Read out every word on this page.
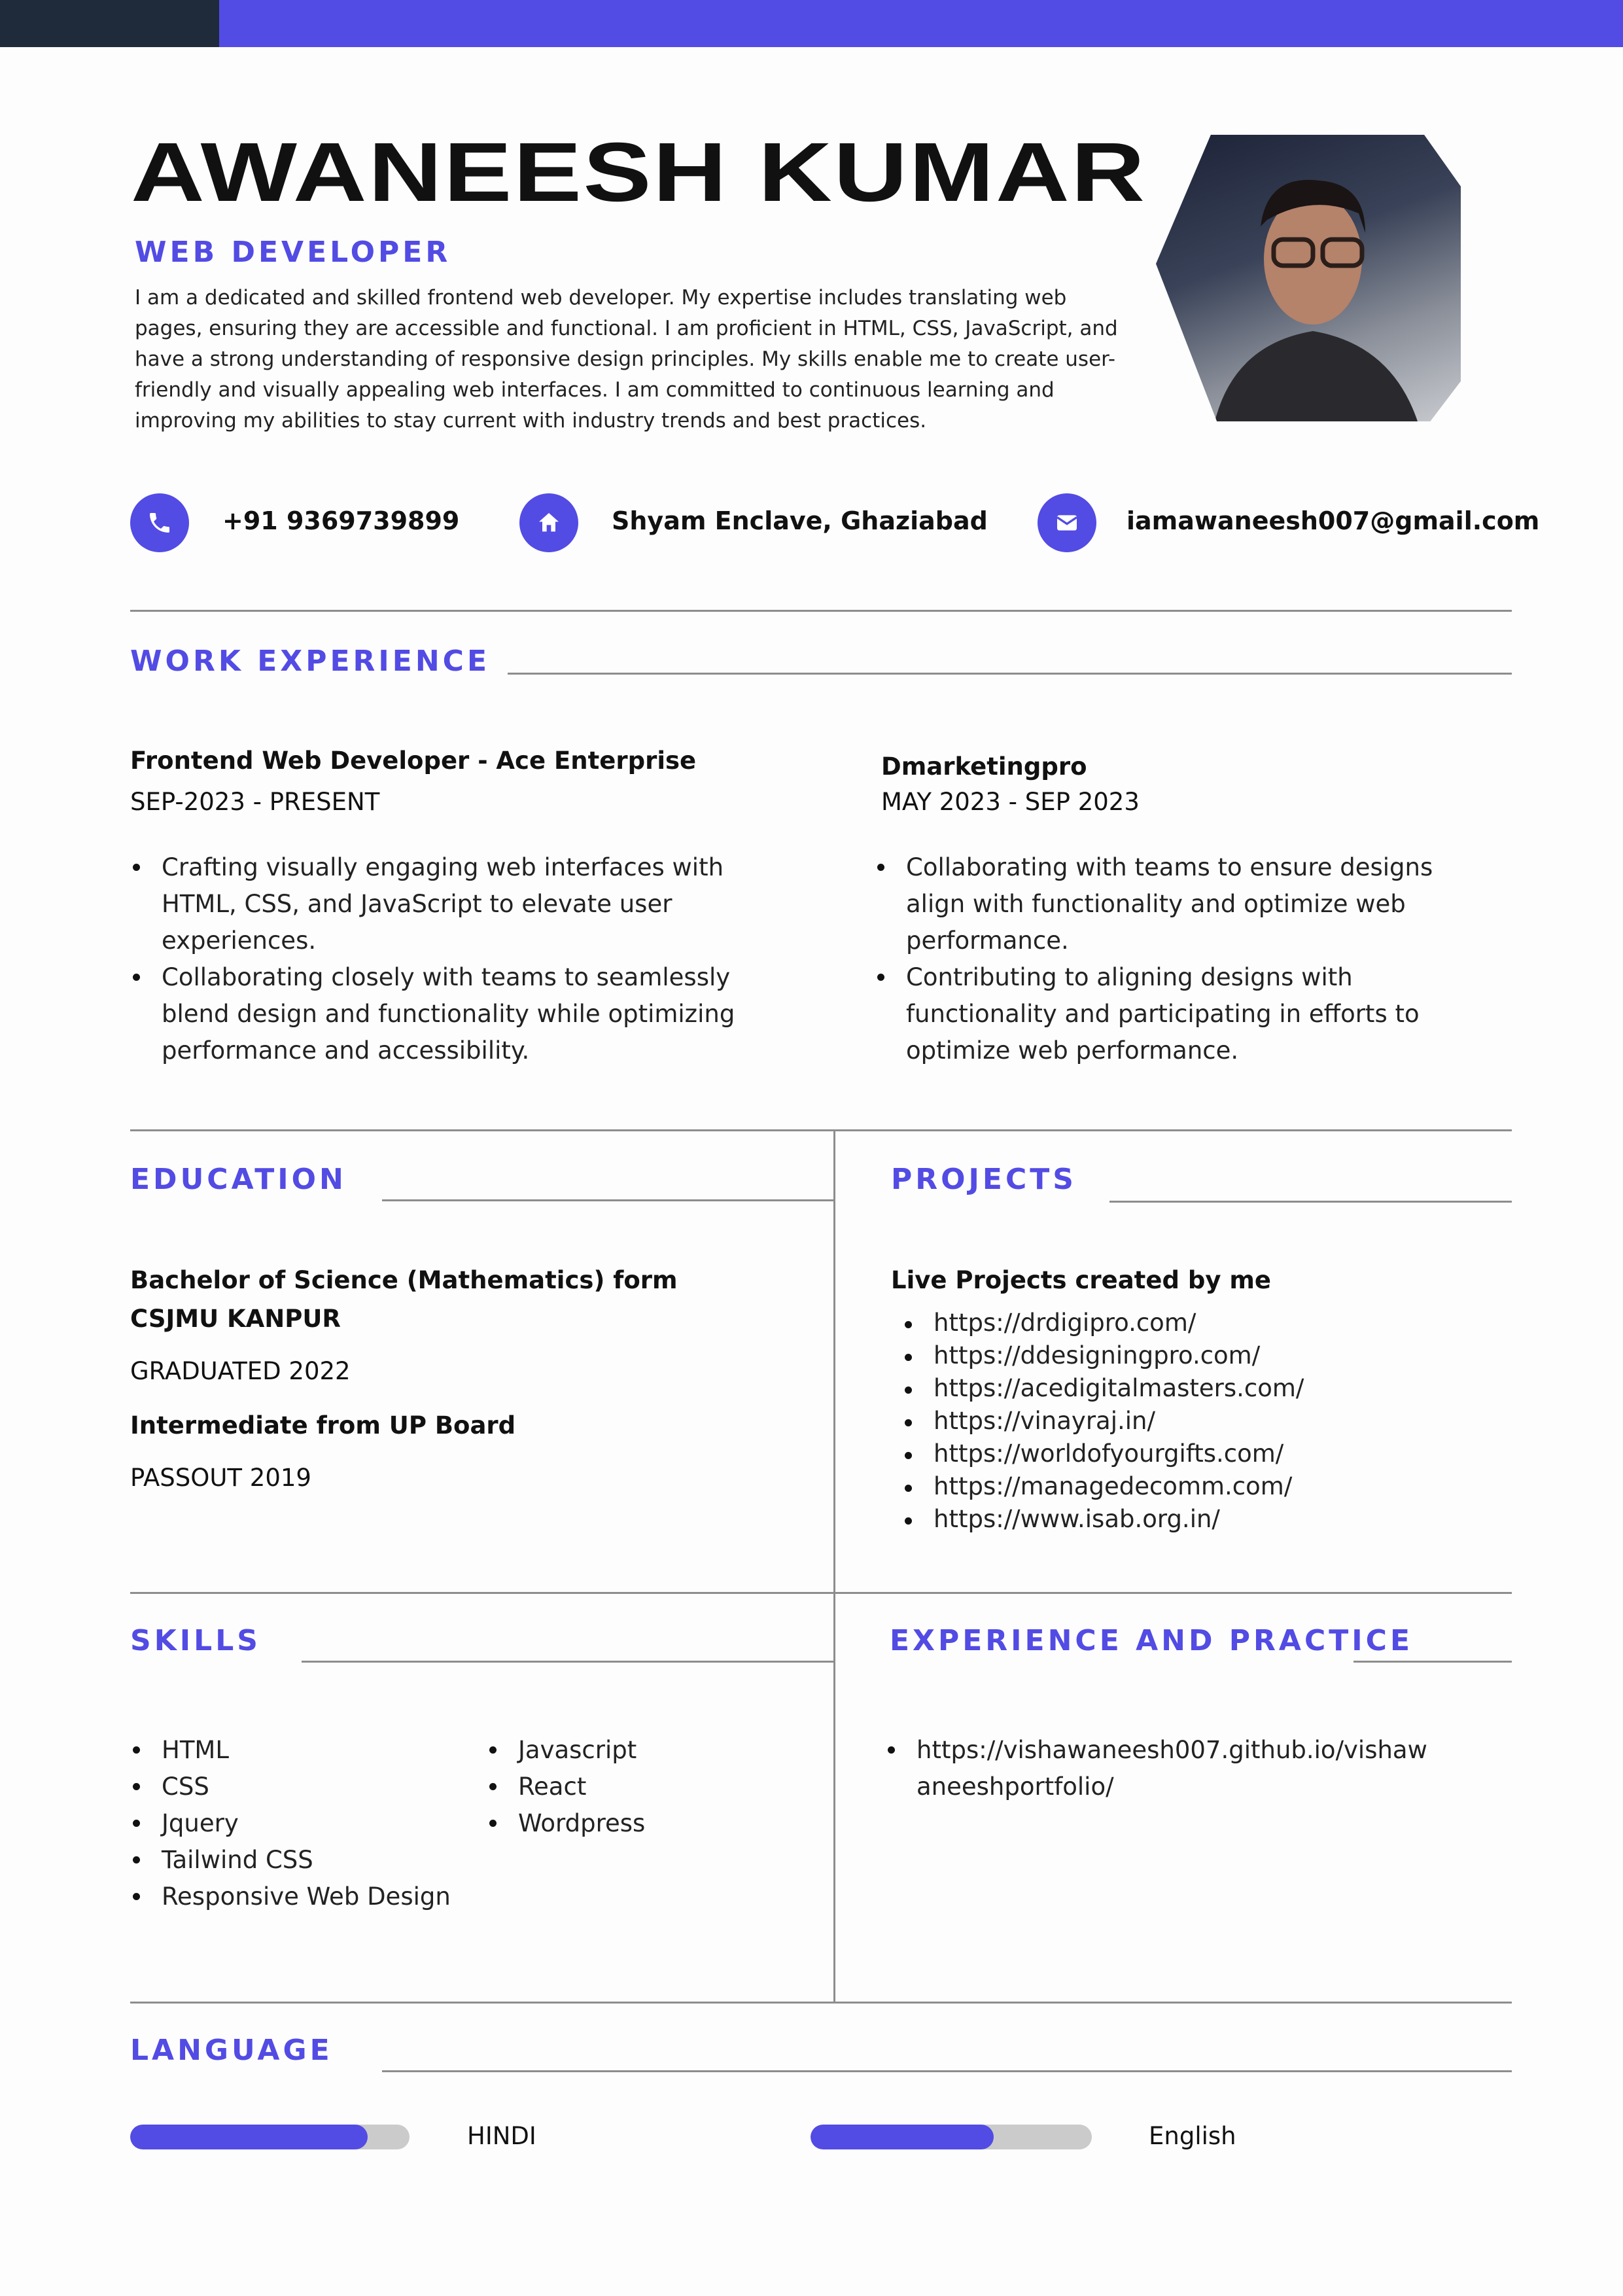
AWANEESH KUMAR
WEB DEVELOPER
I am a dedicated and skilled frontend web developer. My expertise includes translating web pages, ensuring they are accessible and functional. I am proficient in HTML, CSS, JavaScript, and have a strong understanding of responsive design principles. My skills enable me to create user-friendly and visually appealing web interfaces. I am committed to continuous learning and improving my abilities to stay current with industry trends and best practices.
+91 9369739899	Shyam Enclave, Ghaziabad	iamawaneesh007@gmail.com
WORK EXPERIENCE
Frontend Web Developer - Ace Enterprise
SEP-2023 - PRESENT
Crafting visually engaging web interfaces with HTML, CSS, and JavaScript to elevate user experiences.
Collaborating closely with teams to seamlessly blend design and functionality while optimizing performance and accessibility.
Dmarketingpro
MAY 2023 - SEP 2023
Collaborating with teams to ensure designs align with functionality and optimize web performance.
Contributing to aligning designs with functionality and participating in efforts to optimize web performance.
EDUCATION
Bachelor of Science (Mathematics) form
CSJMU KANPUR
GRADUATED 2022
Intermediate from UP Board
PASSOUT 2019
PROJECTS
Live Projects created by me
https://drdigipro.com/
https://ddesigningpro.com/
https://acedigitalmasters.com/
https://vinayraj.in/
https://worldofyourgifts.com/
https://managedecomm.com/
https://www.isab.org.in/
SKILLS
HTML
CSS
Jquery
Tailwind CSS
Responsive Web Design
Javascript
React
Wordpress
EXPERIENCE AND PRACTICE
https://vishawaneesh007.github.io/vishaw aneeshportfolio/
LANGUAGE
HINDI	English
